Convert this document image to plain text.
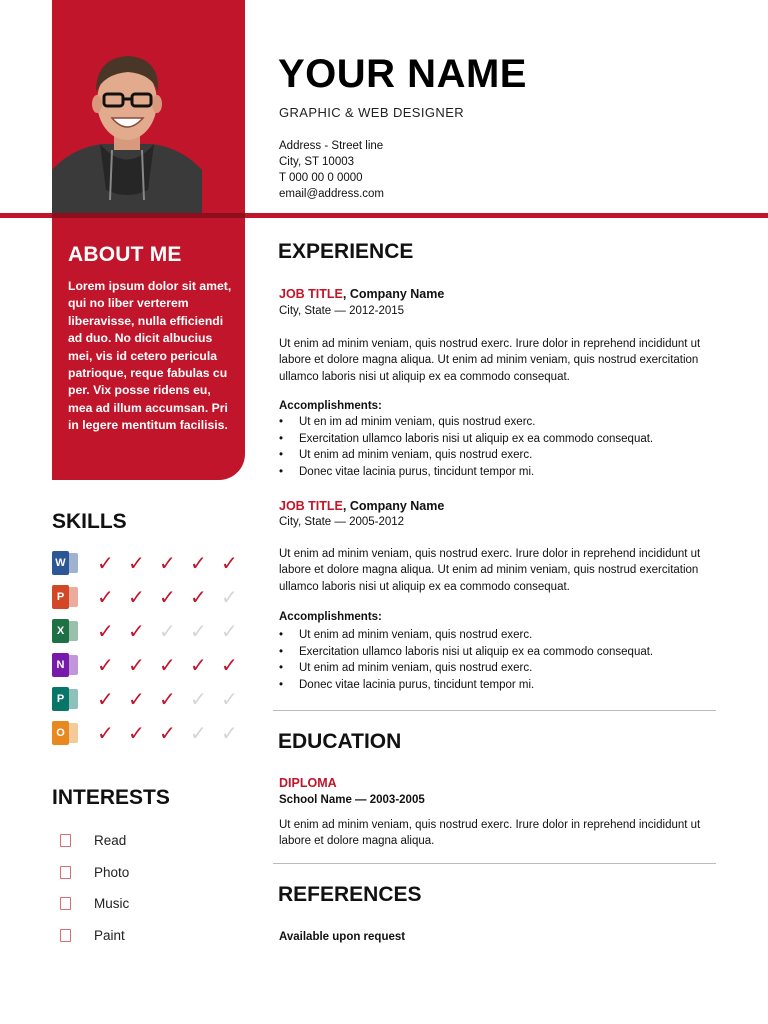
ABOUT ME
Lorem ipsum dolor sit amet, qui no liber verterem liberavisse, nulla efficiendi ad duo. No dicit albucius mei, vis id cetero pericula patrioque, reque fabulas cu per. Vix posse ridens eu, mea ad illum accumsan. Pri in legere mentitum facilisis.
SKILLS
W ✓ ✓ ✓ ✓ ✓
P ✓ ✓ ✓ ✓ ✓
X ✓ ✓ ✓ ✓ ✓
N ✓ ✓ ✓ ✓ ✓
P ✓ ✓ ✓ ✓ ✓
O ✓ ✓ ✓ ✓ ✓
INTERESTS
Read
Photo
Music
Paint
YOUR NAME
GRAPHIC & WEB DESIGNER
Address - Street line
City, ST 10003
T 000 00 0 0000
email@address.com
EXPERIENCE
JOB TITLE, Company Name
City, State — 2012-2015
Ut enim ad minim veniam, quis nostrud exerc. Irure dolor in reprehend incididunt ut labore et dolore magna aliqua. Ut enim ad minim veniam, quis nostrud exercitation ullamco laboris nisi ut aliquip ex ea commodo consequat.
Accomplishments:
• Ut en im ad minim veniam, quis nostrud exerc.
• Exercitation ullamco laboris nisi ut aliquip ex ea commodo consequat.
• Ut enim ad minim veniam, quis nostrud exerc.
• Donec vitae lacinia purus, tincidunt tempor mi.
JOB TITLE, Company Name
City, State — 2005-2012
Ut enim ad minim veniam, quis nostrud exerc. Irure dolor in reprehend incididunt ut labore et dolore magna aliqua. Ut enim ad minim veniam, quis nostrud exercitation ullamco laboris nisi ut aliquip ex ea commodo consequat.
Accomplishments:
• Ut enim ad minim veniam, quis nostrud exerc.
• Exercitation ullamco laboris nisi ut aliquip ex ea commodo consequat.
• Ut enim ad minim veniam, quis nostrud exerc.
• Donec vitae lacinia purus, tincidunt tempor mi.
EDUCATION
DIPLOMA
School Name — 2003-2005
Ut enim ad minim veniam, quis nostrud exerc. Irure dolor in reprehend incididunt ut labore et dolore magna aliqua.
REFERENCES
Available upon request
